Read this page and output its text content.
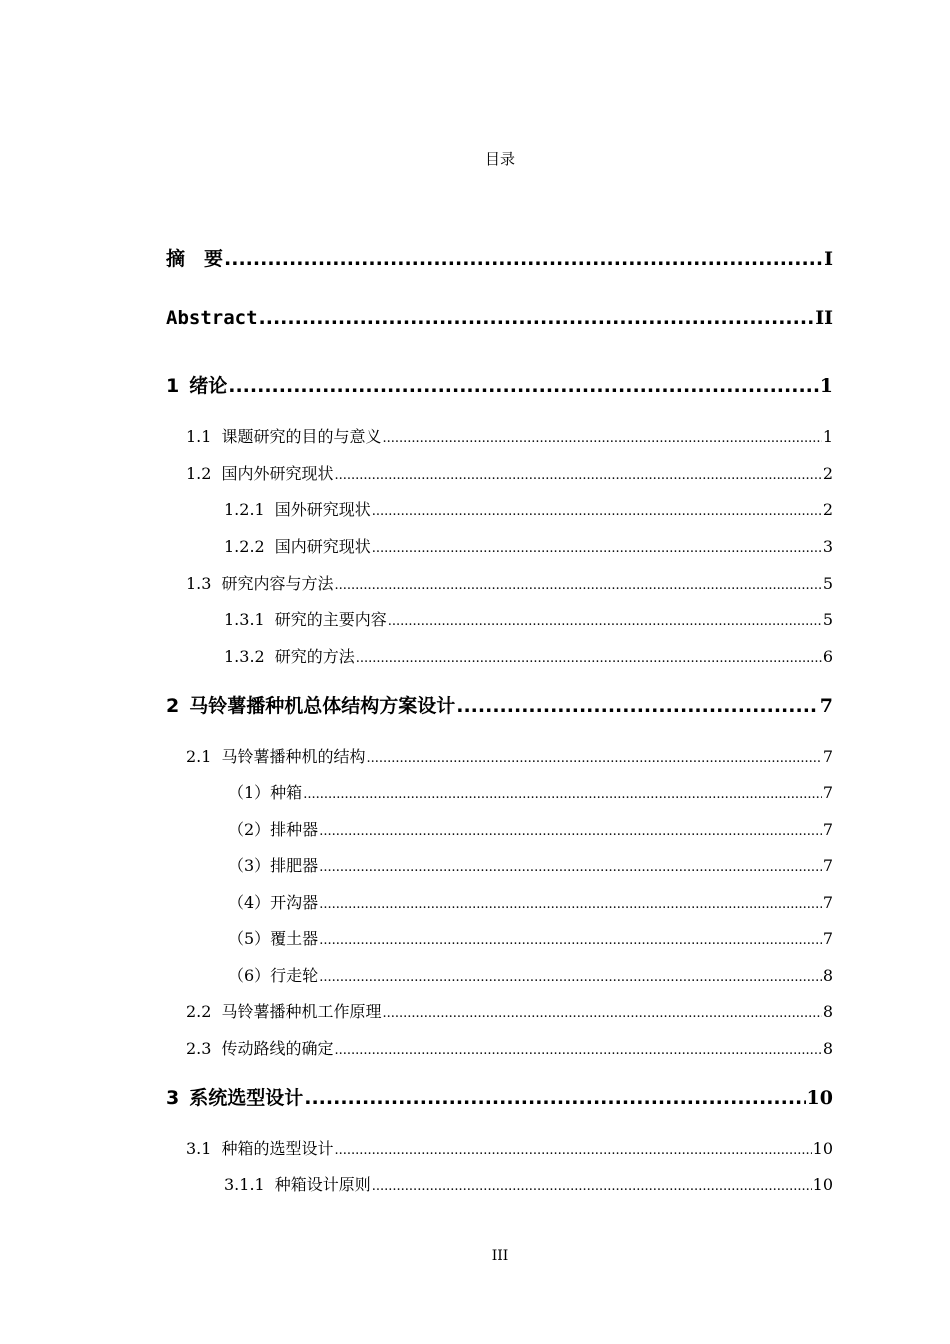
目录
摘　要 .....	I
Abstract .....	II
1 绪论 .....	1
1.1 课题研究的目的与意义 .....	1
1.2 国内外研究现状 .....	2
1.2.1 国外研究现状 .....	2
1.2.2 国内研究现状 .....	3
1.3 研究内容与方法 .....	5
1.3.1 研究的主要内容 .....	5
1.3.2 研究的方法 .....	6
2 马铃薯播种机总体结构方案设计 .....	7
2.1 马铃薯播种机的结构 .....	7
（1）种箱 .....	7
（2）排种器 .....	7
（3）排肥器 .....	7
（4）开沟器 .....	7
（5）覆土器 .....	7
（6）行走轮 .....	8
2.2 马铃薯播种机工作原理 .....	8
2.3 传动路线的确定 .....	8
3 系统选型设计 .....	10
3.1 种箱的选型设计 .....	10
3.1.1 种箱设计原则 .....	10
III
